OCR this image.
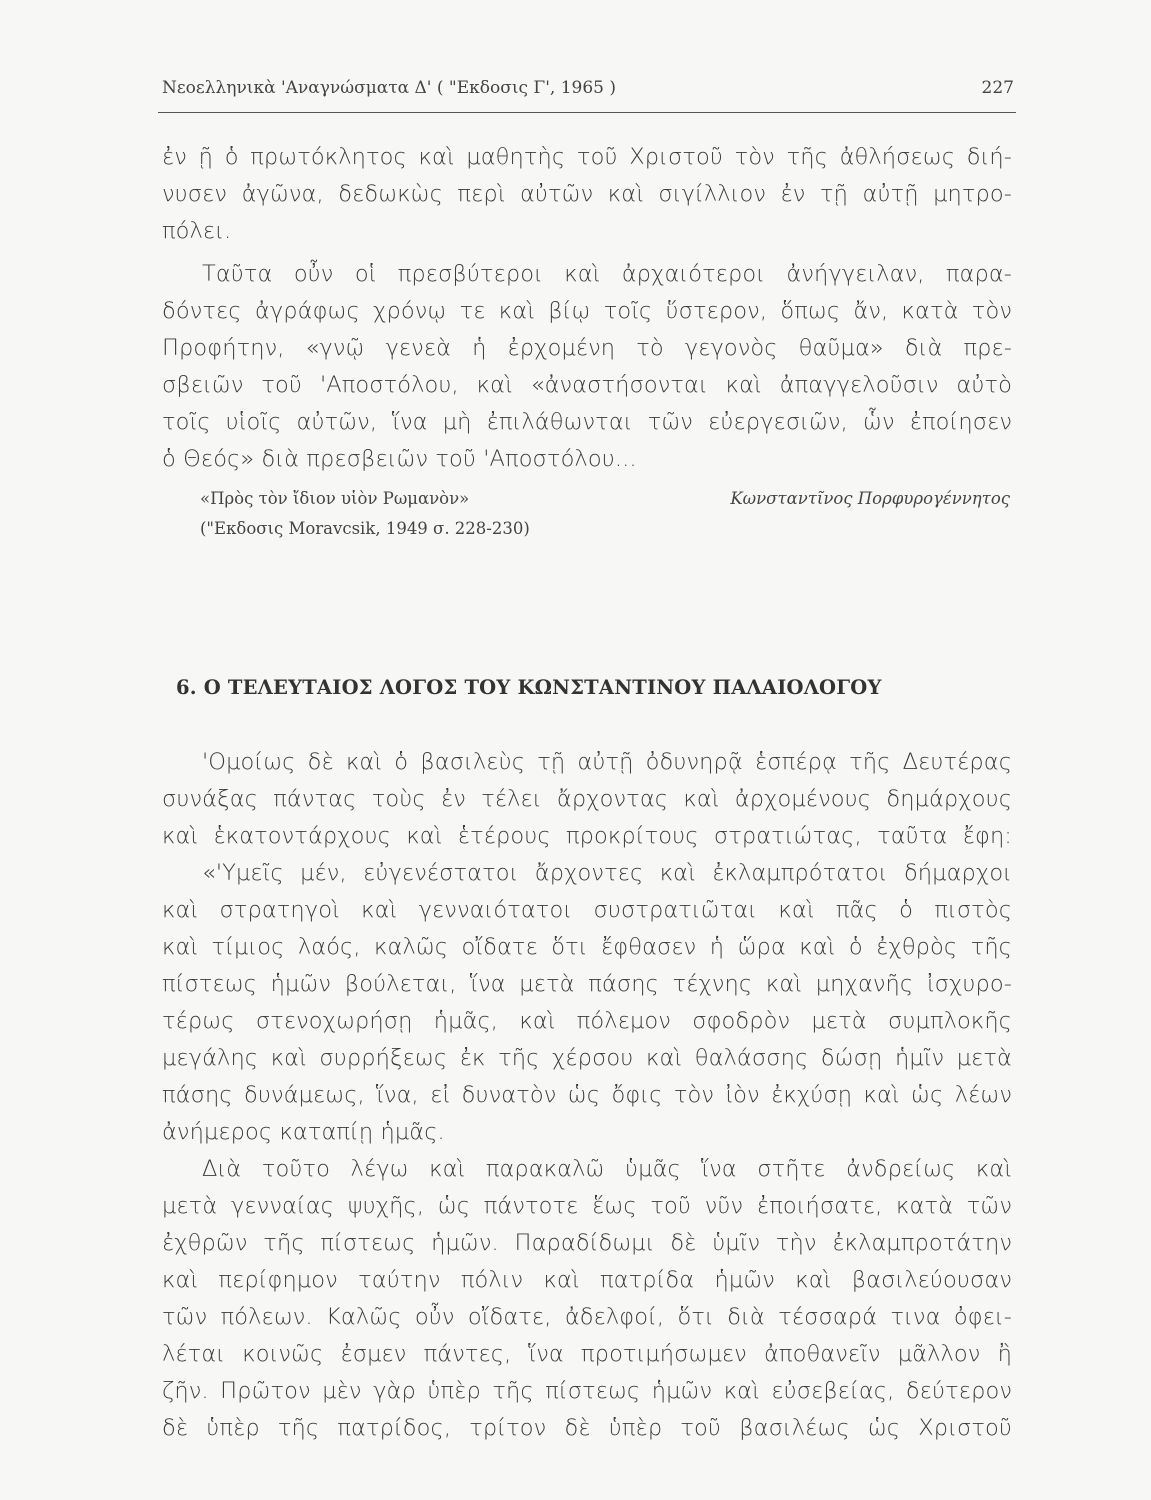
Νεοελληνικὰ 'Αναγνώσματα Δ' ( "Εκδοσις Γ', 1965 )	227
ἐν ῇ ὁ πρωτόκλητος καὶ μαθητὴς τοῦ Χριστοῦ τὸν τῆς ἀθλήσεως διή-
νυσεν ἀγῶνα, δεδωκὼς περὶ αὐτῶν καὶ σιγίλλιον ἐν τῇ αὐτῇ μητρο-
πόλει.
Ταῦτα οὖν οἱ πρεσβύτεροι καὶ ἀρχαιότεροι ἀνήγγειλαν, παρα-
δόντες ἀγράφως χρόνῳ τε καὶ βίῳ τοῖς ὕστερον, ὅπως ἄν, κατὰ τὸν
Προφήτην, «γνῷ γενεὰ ἡ ἐρχομένη τὸ γεγονὸς θαῦμα» διὰ πρε-
σβειῶν τοῦ 'Αποστόλου, καὶ «ἀναστήσονται καὶ ἀπαγγελοῦσιν αὐτὸ
τοῖς υἱοῖς αὐτῶν, ἵνα μὴ ἐπιλάθωνται τῶν εὐεργεσιῶν, ὧν ἐποίησεν
ὁ Θεός» διὰ πρεσβειῶν τοῦ 'Αποστόλου...
«Πρὸς τὸν ἴδιον υἱὸν Ρωμανὸν»
("Εκδοσις Moravcsik, 1949 σ. 228-230)
Κωνσταντῖνος Πορφυρογέννητος
6. Ο ΤΕΛΕΥΤΑΙΟΣ ΛΟΓΟΣ ΤΟΥ ΚΩΝΣΤΑΝΤΙΝΟΥ ΠΑΛΑΙΟΛΟΓΟΥ
'Ομοίως δὲ καὶ ὁ βασιλεὺς τῇ αὐτῇ ὀδυνηρᾷ ἑσπέρᾳ τῆς Δευτέρας
συνάξας πάντας τοὺς ἐν τέλει ἄρχοντας καὶ ἀρχομένους δημάρχους
καὶ ἑκατοντάρχους καὶ ἑτέρους προκρίτους στρατιώτας, ταῦτα ἔφη:
«'Υμεῖς μέν, εὐγενέστατοι ἄρχοντες καὶ ἐκλαμπρότατοι δήμαρχοι
καὶ στρατηγοὶ καὶ γενναιότατοι συστρατιῶται καὶ πᾶς ὁ πιστὸς
καὶ τίμιος λαός, καλῶς οἴδατε ὅτι ἔφθασεν ἡ ὥρα καὶ ὁ ἐχθρὸς τῆς
πίστεως ἡμῶν βούλεται, ἵνα μετὰ πάσης τέχνης καὶ μηχανῆς ἰσχυρο-
τέρως στενοχωρήσῃ ἡμᾶς, καὶ πόλεμον σφοδρὸν μετὰ συμπλοκῆς
μεγάλης καὶ συρρήξεως ἐκ τῆς χέρσου καὶ θαλάσσης δώσῃ ἡμῖν μετὰ
πάσης δυνάμεως, ἵνα, εἰ δυνατὸν ὡς ὄφις τὸν ἰὸν ἐκχύσῃ καὶ ὡς λέων
ἀνήμερος καταπίῃ ἡμᾶς.
Διὰ τοῦτο λέγω καὶ παρακαλῶ ὑμᾶς ἵνα στῆτε ἀνδρείως καὶ
μετὰ γενναίας ψυχῆς, ὡς πάντοτε ἕως τοῦ νῦν ἐποιήσατε, κατὰ τῶν
ἐχθρῶν τῆς πίστεως ἡμῶν. Παραδίδωμι δὲ ὑμῖν τὴν ἐκλαμπροτάτην
καὶ περίφημον ταύτην πόλιν καὶ πατρίδα ἡμῶν καὶ βασιλεύουσαν
τῶν πόλεων. Καλῶς οὖν οἴδατε, ἀδελφοί, ὅτι διὰ τέσσαρά τινα ὀφει-
λέται κοινῶς ἐσμεν πάντες, ἵνα προτιμήσωμεν ἀποθανεῖν μᾶλλον ἢ
ζῆν. Πρῶτον μὲν γὰρ ὑπὲρ τῆς πίστεως ἡμῶν καὶ εὐσεβείας, δεύτερον
δὲ ὑπὲρ τῆς πατρίδος, τρίτον δὲ ὑπὲρ τοῦ βασιλέως ὡς Χριστοῦ
